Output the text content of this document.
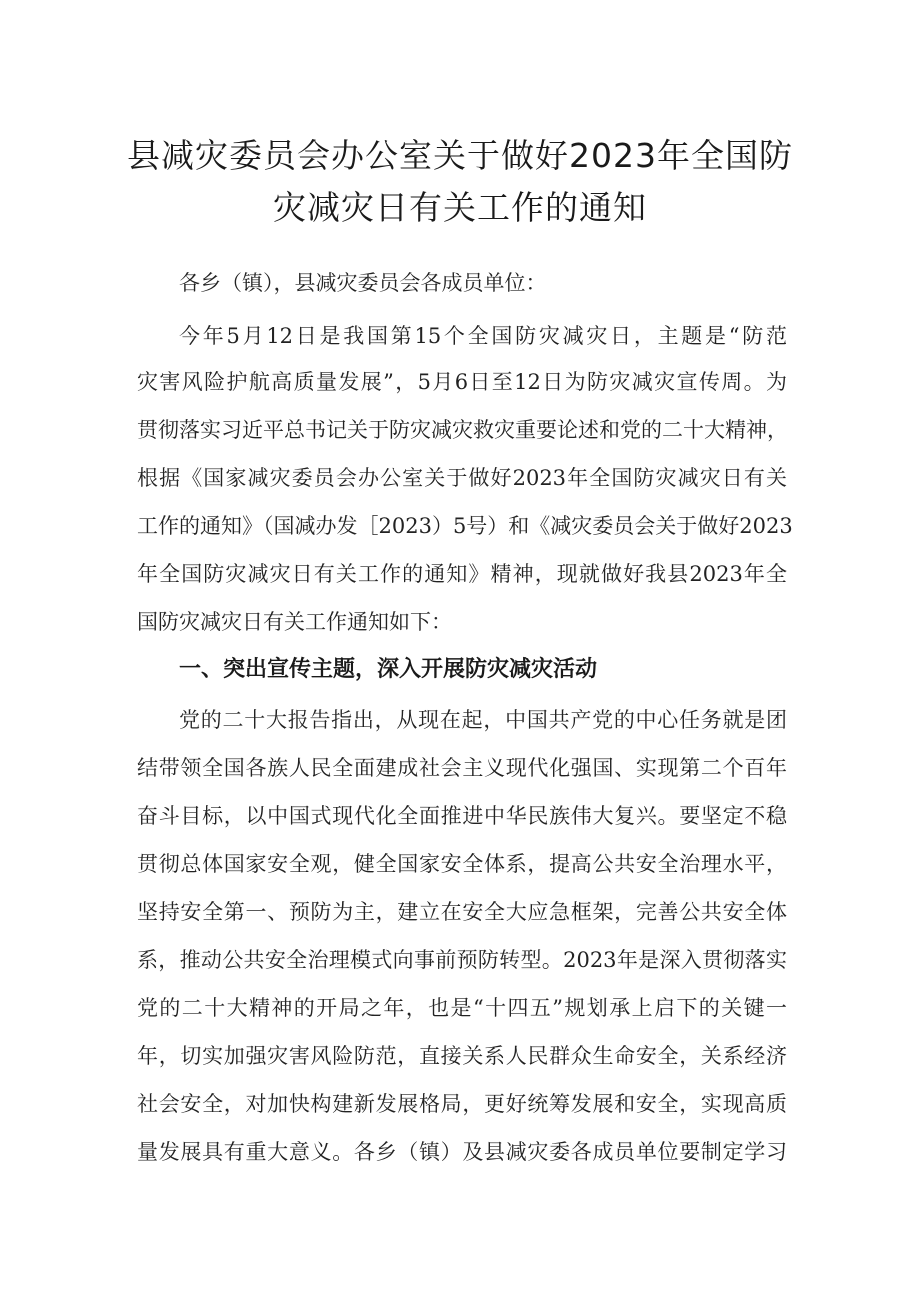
县减灾委员会办公室关于做好2023年全国防
灾减灾日有关工作的通知
各乡（镇），县减灾委员会各成员单位：
今年5月12日是我国第15个全国防灾减灾日，主题是“防范
灾害风险护航高质量发展”，5月6日至12日为防灾减灾宣传周。为
贯彻落实习近平总书记关于防灾减灾救灾重要论述和党的二十大精神，
根据《国家减灾委员会办公室关于做好2023年全国防灾减灾日有关
工作的通知》（国减办发［2023）5号）和《减灾委员会关于做好2023
年全国防灾减灾日有关工作的通知》精神，现就做好我县2023年全
国防灾减灾日有关工作通知如下：
一、突出宣传主题，深入开展防灾减灾活动
党的二十大报告指出，从现在起，中国共产党的中心任务就是团
结带领全国各族人民全面建成社会主义现代化强国、实现第二个百年
奋斗目标，以中国式现代化全面推进中华民族伟大复兴。要坚定不稳
贯彻总体国家安全观，健全国家安全体系，提高公共安全治理水平，
坚持安全第一、预防为主，建立在安全大应急框架，完善公共安全体
系，推动公共安全治理模式向事前预防转型。2023年是深入贯彻落实
党的二十大精神的开局之年，也是“十四五”规划承上启下的关键一
年，切实加强灾害风险防范，直接关系人民群众生命安全，关系经济
社会安全，对加快构建新发展格局，更好统筹发展和安全，实现高质
量发展具有重大意义。各乡（镇）及县减灾委各成员单位要制定学习
